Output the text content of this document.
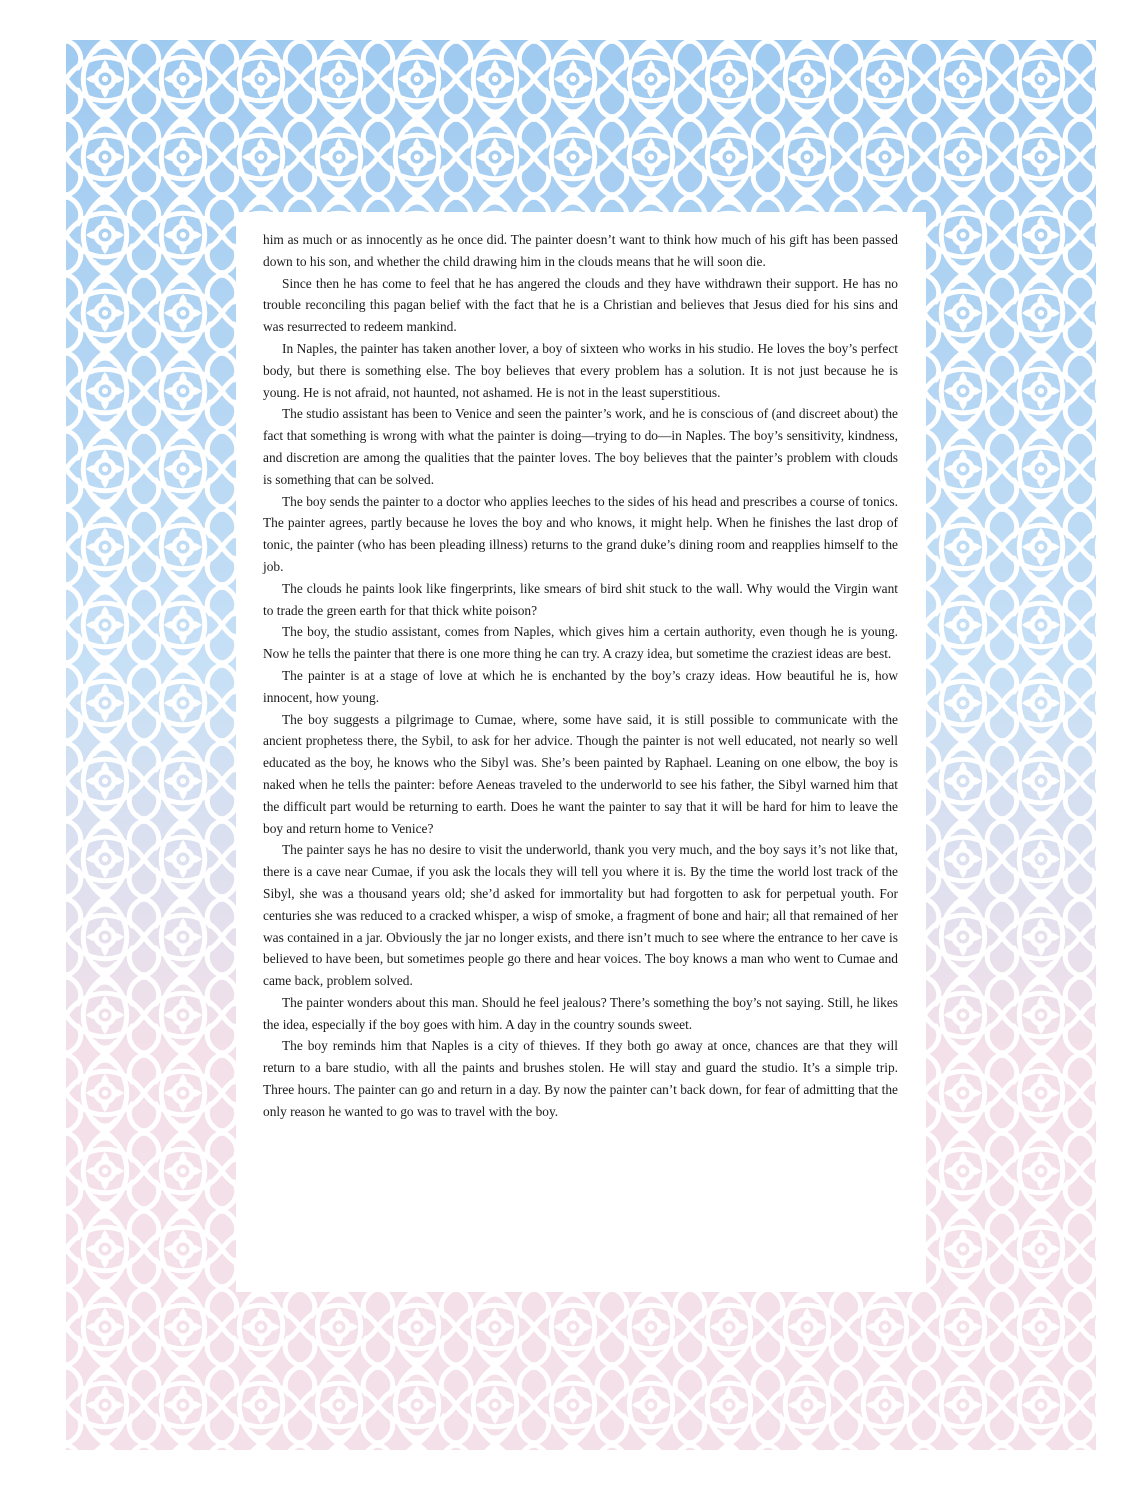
him as much or as innocently as he once did. The painter doesn’t want to think how much of his gift has been passed down to his son, and whether the child drawing him in the clouds means that he will soon die.

Since then he has come to feel that he has angered the clouds and they have withdrawn their support. He has no trouble reconciling this pagan belief with the fact that he is a Christian and believes that Jesus died for his sins and was resurrected to redeem mankind.

In Naples, the painter has taken another lover, a boy of sixteen who works in his studio. He loves the boy’s perfect body, but there is something else. The boy believes that every problem has a solution. It is not just because he is young. He is not afraid, not haunted, not ashamed. He is not in the least superstitious.

The studio assistant has been to Venice and seen the painter’s work, and he is conscious of (and discreet about) the fact that something is wrong with what the painter is doing—trying to do—in Naples. The boy’s sensitivity, kindness, and discretion are among the qualities that the painter loves. The boy believes that the painter’s problem with clouds is something that can be solved.

The boy sends the painter to a doctor who applies leeches to the sides of his head and prescribes a course of tonics. The painter agrees, partly because he loves the boy and who knows, it might help. When he finishes the last drop of tonic, the painter (who has been pleading illness) returns to the grand duke’s dining room and reapplies himself to the job.

The clouds he paints look like fingerprints, like smears of bird shit stuck to the wall. Why would the Virgin want to trade the green earth for that thick white poison?

The boy, the studio assistant, comes from Naples, which gives him a certain authority, even though he is young. Now he tells the painter that there is one more thing he can try. A crazy idea, but sometime the craziest ideas are best.

The painter is at a stage of love at which he is enchanted by the boy’s crazy ideas. How beautiful he is, how innocent, how young.

The boy suggests a pilgrimage to Cumae, where, some have said, it is still possible to communicate with the ancient prophetess there, the Sybil, to ask for her advice. Though the painter is not well educated, not nearly so well educated as the boy, he knows who the Sibyl was. She’s been painted by Raphael. Leaning on one elbow, the boy is naked when he tells the painter: before Aeneas traveled to the underworld to see his father, the Sibyl warned him that the difficult part would be returning to earth. Does he want the painter to say that it will be hard for him to leave the boy and return home to Venice?

The painter says he has no desire to visit the underworld, thank you very much, and the boy says it’s not like that, there is a cave near Cumae, if you ask the locals they will tell you where it is. By the time the world lost track of the Sibyl, she was a thousand years old; she’d asked for immortality but had forgotten to ask for perpetual youth. For centuries she was reduced to a cracked whisper, a wisp of smoke, a fragment of bone and hair; all that remained of her was contained in a jar. Obviously the jar no longer exists, and there isn’t much to see where the entrance to her cave is believed to have been, but sometimes people go there and hear voices. The boy knows a man who went to Cumae and came back, problem solved.

The painter wonders about this man. Should he feel jealous? There’s something the boy’s not saying. Still, he likes the idea, especially if the boy goes with him. A day in the country sounds sweet.

The boy reminds him that Naples is a city of thieves. If they both go away at once, chances are that they will return to a bare studio, with all the paints and brushes stolen. He will stay and guard the studio. It’s a simple trip. Three hours. The painter can go and return in a day. By now the painter can’t back down, for fear of admitting that the only reason he wanted to go was to travel with the boy.
